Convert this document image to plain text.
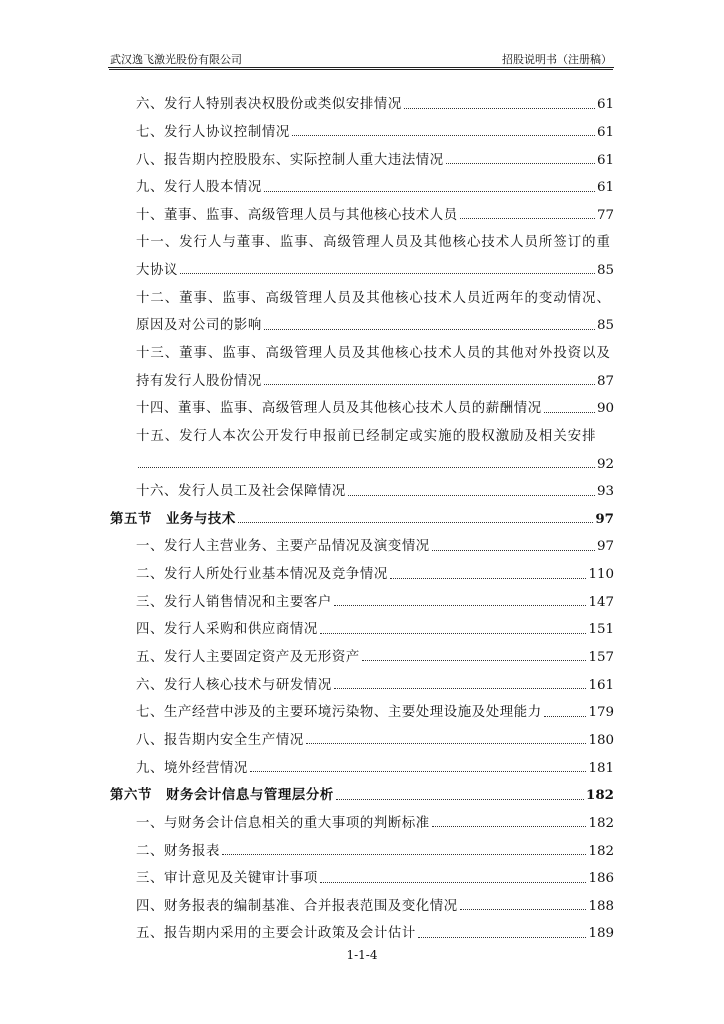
武汉逸飞激光股份有限公司	招股说明书（注册稿）
六、发行人特别表决权股份或类似安排情况	61
七、发行人协议控制情况	61
八、报告期内控股股东、实际控制人重大违法情况	61
九、发行人股本情况	61
十、董事、监事、高级管理人员与其他核心技术人员	77
十一、发行人与董事、监事、高级管理人员及其他核心技术人员所签订的重
大协议	85
十二、董事、监事、高级管理人员及其他核心技术人员近两年的变动情况、
原因及对公司的影响	85
十三、董事、监事、高级管理人员及其他核心技术人员的其他对外投资以及
持有发行人股份情况	87
十四、董事、监事、高级管理人员及其他核心技术人员的薪酬情况	90
十五、发行人本次公开发行申报前已经制定或实施的股权激励及相关安排
92
十六、发行人员工及社会保障情况	93
第五节　业务与技术	97
一、发行人主营业务、主要产品情况及演变情况	97
二、发行人所处行业基本情况及竞争情况	110
三、发行人销售情况和主要客户	147
四、发行人采购和供应商情况	151
五、发行人主要固定资产及无形资产	157
六、发行人核心技术与研发情况	161
七、生产经营中涉及的主要环境污染物、主要处理设施及处理能力	179
八、报告期内安全生产情况	180
九、境外经营情况	181
第六节　财务会计信息与管理层分析	182
一、与财务会计信息相关的重大事项的判断标准	182
二、财务报表	182
三、审计意见及关键审计事项	186
四、财务报表的编制基准、合并报表范围及变化情况	188
五、报告期内采用的主要会计政策及会计估计	189
1-1-4
